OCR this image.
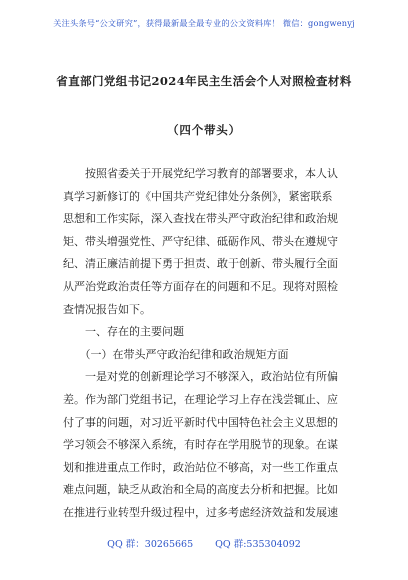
关注头条号“公文研究”，获得最新最全最专业的公文资料库！ 微信：gongwenyj
省直部门党组书记2024年民主生活会个人对照检查材料
（四个带头）
　　按照省委关于开展党纪学习教育的部署要求，本人认
真学习新修订的《中国共产党纪律处分条例》，紧密联系
思想和工作实际，深入查找在带头严守政治纪律和政治规
矩、带头增强党性、严守纪律、砥砺作风、带头在遵规守
纪、清正廉洁前提下勇于担责、敢于创新、带头履行全面
从严治党政治责任等方面存在的问题和不足。现将对照检
查情况报告如下。
　　一、存在的主要问题
　　（一）在带头严守政治纪律和政治规矩方面
　　一是对党的创新理论学习不够深入，政治站位有所偏
差。作为部门党组书记，在理论学习上存在浅尝辄止、应
付了事的问题，对习近平新时代中国特色社会主义思想的
学习领会不够深入系统，有时存在学用脱节的现象。在谋
划和推进重点工作时，政治站位不够高，对一些工作重点
难点问题，缺乏从政治和全局的高度去分析和把握。比如
在推进行业转型升级过程中，过多考虑经济效益和发展速
QQ 群：30265665 QQ 群:535304092
